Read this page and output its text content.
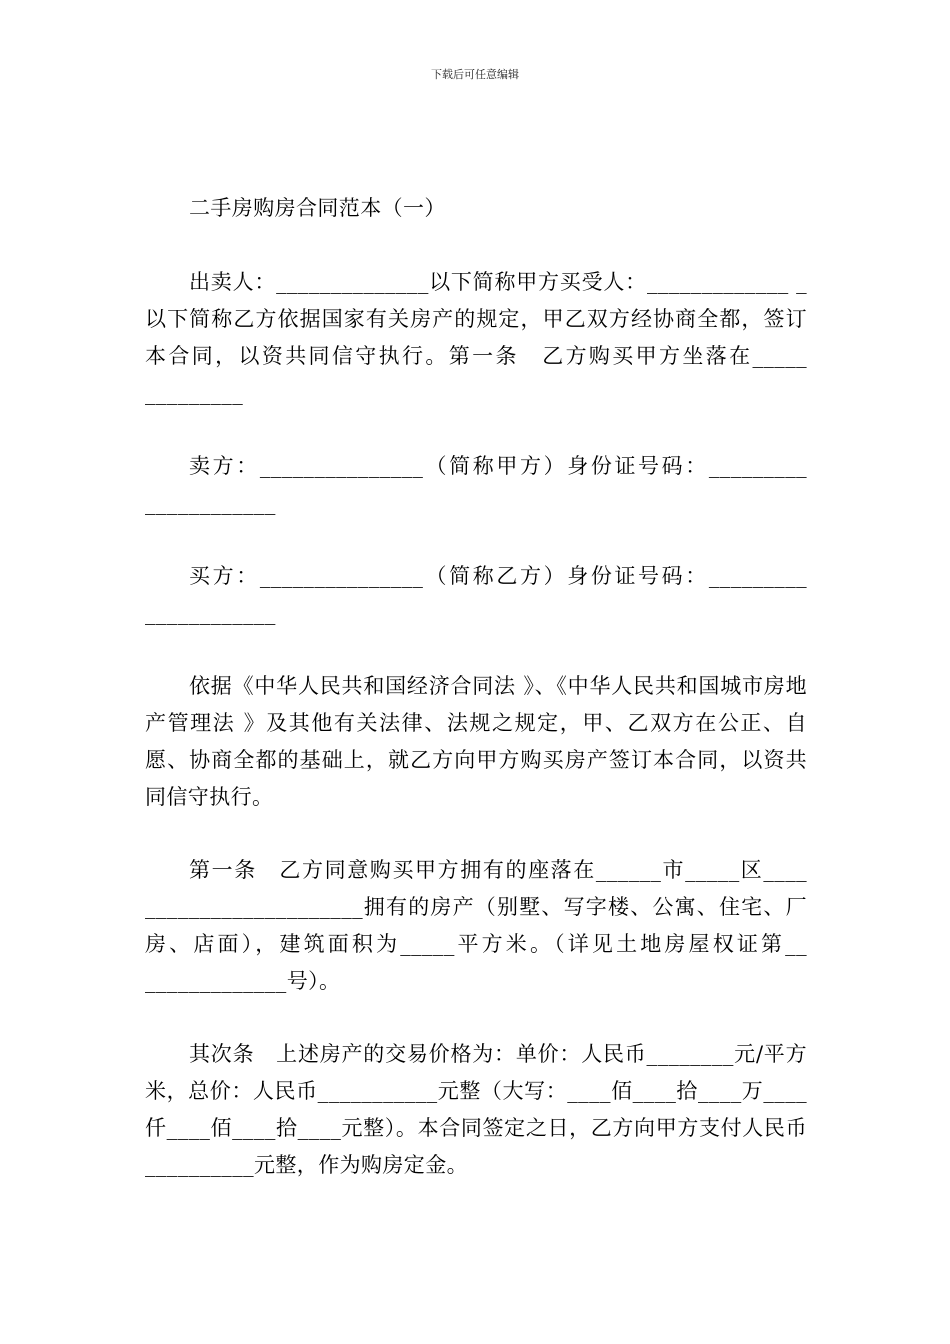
下载后可任意编辑

二手房购房合同范本（一）

出卖人：______________以下简称甲方买受人：_____________ _以下简称乙方依据国家有关房产的规定，甲乙双方经协商全都，签订本合同，以资共同信守执行。第一条　乙方购买甲方坐落在_____ _________

卖方：_______________（简称甲方）身份证号码：_________ ____________

买方：_______________（简称乙方）身份证号码：_________ ____________

依据《中华人民共和国经济合同法 》、《中华人民共和国城市房地产管理法 》及其他有关法律、法规之规定，甲、乙双方在公正、自愿、协商全都的基础上，就乙方向甲方购买房产签订本合同，以资共同信守执行。

第一条　乙方同意购买甲方拥有的座落在______市_____区____ ____________________拥有的房产（别墅、写字楼、公寓、住宅、厂房、店面），建筑面积为_____平方米。（详见土地房屋权证第__ _____________号）。

其次条　上述房产的交易价格为：单价：人民币________元/平方米，总价：人民币___________元整（大写：____佰____拾____万____仟____佰____拾____元整）。本合同签定之日，乙方向甲方支付人民币__________元整，作为购房定金。
